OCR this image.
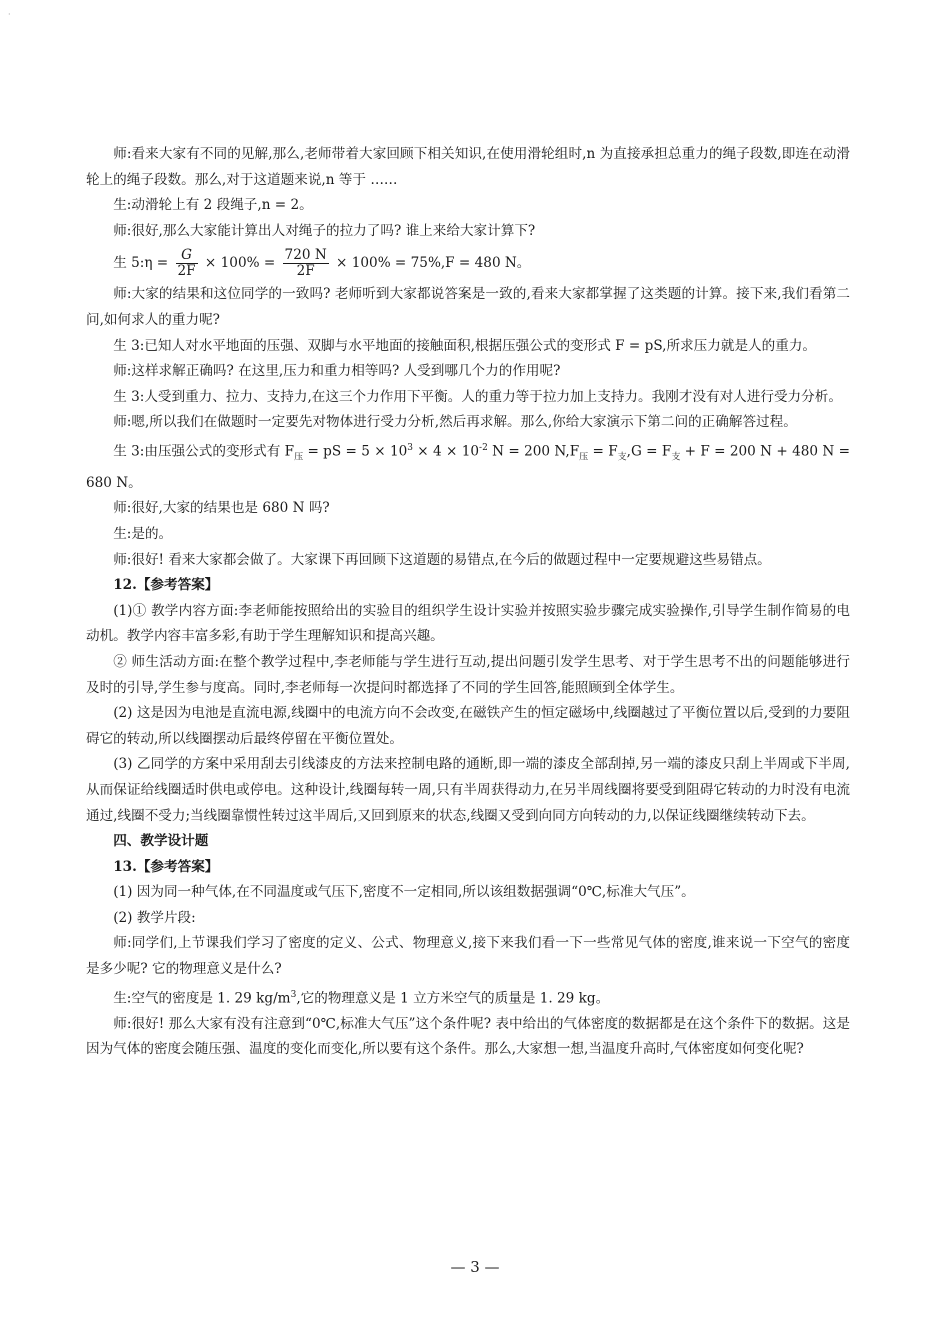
·

师:看来大家有不同的见解,那么,老师带着大家回顾下相关知识,在使用滑轮组时,n 为直接承担总重力的绳子段数,即连在动滑轮上的绳子段数。那么,对于这道题来说,n 等于 ……

生:动滑轮上有 2 段绳子,n = 2。

师:很好,那么大家能计算出人对绳子的拉力了吗? 谁上来给大家计算下?

生 5:η = $\frac{G}{2F} \times 100\% = \frac{720 N}{2F} \times 100\% = 75\%,F = 480$ N。

师:大家的结果和这位同学的一致吗? 老师听到大家都说答案是一致的,看来大家都掌握了这类题的计算。接下来,我们看第二问,如何求人的重力呢?

生 3:已知人对水平地面的压强、双脚与水平地面的接触面积,根据压强公式的变形式 F = pS,所求压力就是人的重力。

师:这样求解正确吗? 在这里,压力和重力相等吗? 人受到哪几个力的作用呢?

生 3:人受到重力、拉力、支持力,在这三个力作用下平衡。人的重力等于拉力加上支持力。我刚才没有对人进行受力分析。

师:嗯,所以我们在做题时一定要先对物体进行受力分析,然后再求解。那么,你给大家演示下第二问的正确解答过程。

生 3:由压强公式的变形式有 $F_压$ = pS = $5 \times 10^3 \times 4 \times 10^{-2}$ N = 200 $N,F_压 = F_支,G = F_支 + F = 200$ N + 480 N = 680 N。

师:很好,大家的结果也是 680 N 吗?

生:是的。

师:很好! 看来大家都会做了。大家课下再回顾下这道题的易错点,在今后的做题过程中一定要规避这些易错点。

12.【参考答案】

(1)① 教学内容方面:李老师能按照给出的实验目的组织学生设计实验并按照实验步骤完成实验操作,引导学生制作简易的电动机。教学内容丰富多彩,有助于学生理解知识和提高兴趣。

② 师生活动方面:在整个教学过程中,李老师能与学生进行互动,提出问题引发学生思考、对于学生思考不出的问题能够进行及时的引导,学生参与度高。同时,李老师每一次提问时都选择了不同的学生回答,能照顾到全体学生。

(2) 这是因为电池是直流电源,线圈中的电流方向不会改变,在磁铁产生的恒定磁场中,线圈越过了平衡位置以后,受到的力要阻碍它的转动,所以线圈摆动后最终停留在平衡位置处。

(3) 乙同学的方案中采用刮去引线漆皮的方法来控制电路的通断,即一端的漆皮全部刮掉,另一端的漆皮只刮上半周或下半周,从而保证给线圈适时供电或停电。这种设计,线圈每转一周,只有半周获得动力,在另半周线圈将要受到阻碍它转动的力时没有电流通过,线圈不受力;当线圈靠惯性转过这半周后,又回到原来的状态,线圈又受到向同方向转动的力,以保证线圈继续转动下去。

四、教学设计题

13.【参考答案】

(1) 因为同一种气体,在不同温度或气压下,密度不一定相同,所以该组数据强调“0℃,标准大气压”。

(2) 教学片段:

师:同学们,上节课我们学习了密度的定义、公式、物理意义,接下来我们看一下一些常见气体的密度,谁来说一下空气的密度是多少呢? 它的物理意义是什么?

生:空气的密度是 1. 29 $kg/m^3$,它的物理意义是 1 立方米空气的质量是 1. 29 kg。

师:很好! 那么大家有没有注意到“0℃,标准大气压”这个条件呢? 表中给出的气体密度的数据都是在这个条件下的数据。这是因为气体的密度会随压强、温度的变化而变化,所以要有这个条件。那么,大家想一想,当温度升高时,气体密度如何变化呢?

— 3 —
